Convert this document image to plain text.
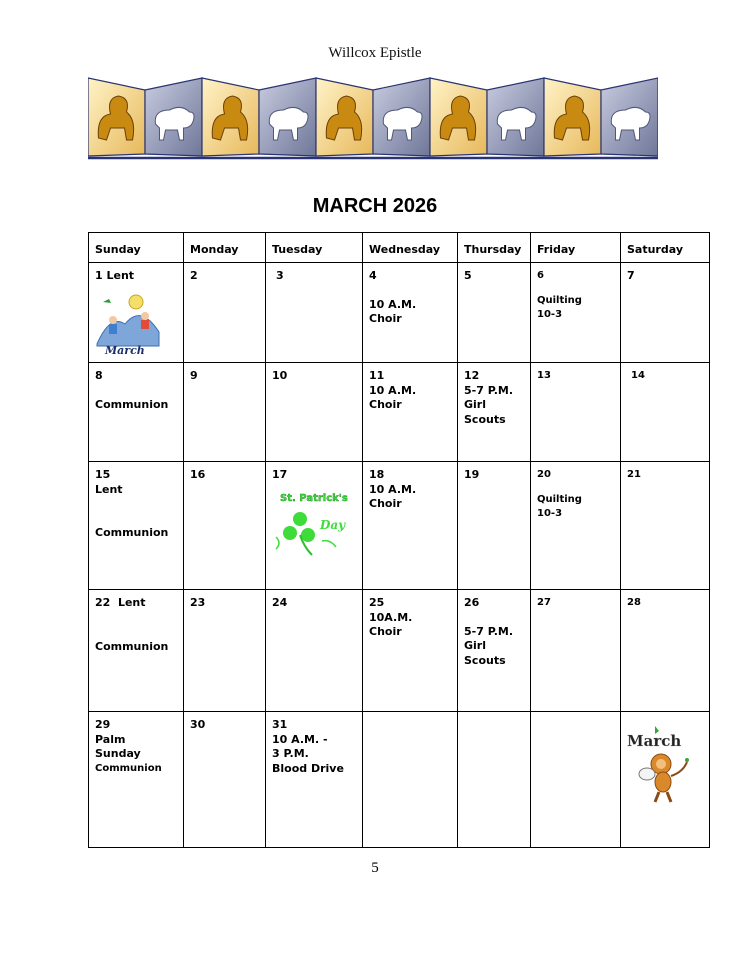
Willcox Epistle
MARCH 2026
Sunday	Monday	Tuesday	Wednesday	Thursday	Friday	Saturday

1 Lent
March	2	3	4
10 A.M.
Choir	5	6
Quilting
10-3	7

8
Communion	9	10	11
10 A.M.
Choir	12
5-7 P.M.
Girl
Scouts	13	14

15
Lent
Communion	16	17
St. Patrick's
Day	18
10 A.M.
Choir	19	20
Quilting
10-3	21

22  Lent
Communion	23	24	25
10A.M.
Choir	26
5-7 P.M.
Girl
Scouts	27	28

29
Palm
Sunday
Communion	30	31
10 A.M. -
3 P.M.
Blood Drive				March
5
